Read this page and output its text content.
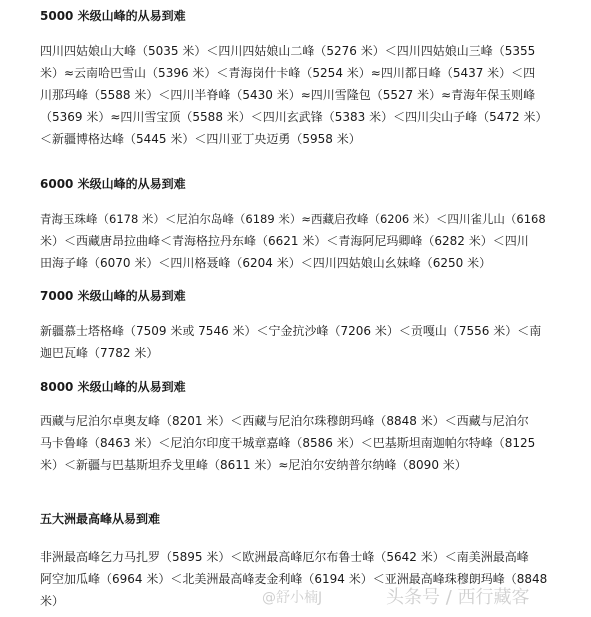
5000 米级山峰的从易到难
四川四姑娘山大峰（5035 米）＜四川四姑娘山二峰（5276 米）＜四川四姑娘山三峰（5355
米）≈云南哈巴雪山（5396 米）＜青海岗什卡峰（5254 米）≈四川都日峰（5437 米）＜四
川那玛峰（5588 米）＜四川半脊峰（5430 米）≈四川雪隆包（5527 米）≈青海年保玉则峰
（5369 米）≈四川雪宝顶（5588 米）＜四川玄武锋（5383 米）＜四川尖山子峰（5472 米）
＜新疆博格达峰（5445 米）＜四川亚丁央迈勇（5958 米）
6000 米级山峰的从易到难
青海玉珠峰（6178 米）＜尼泊尔岛峰（6189 米）≈西藏启孜峰（6206 米）＜四川雀儿山（6168
米）＜西藏唐昂拉曲峰＜青海格拉丹东峰（6621 米）＜青海阿尼玛卿峰（6282 米）＜四川
田海子峰（6070 米）＜四川格聂峰（6204 米）＜四川四姑娘山幺妹峰（6250 米）
7000 米级山峰的从易到难
新疆慕士塔格峰（7509 米或 7546 米）＜宁金抗沙峰（7206 米）＜贡嘎山（7556 米）＜南
迦巴瓦峰（7782 米）
8000 米级山峰的从易到难
西藏与尼泊尔卓奥友峰（8201 米）＜西藏与尼泊尔珠穆朗玛峰（8848 米）＜西藏与尼泊尔
马卡鲁峰（8463 米）＜尼泊尔印度干城章嘉峰（8586 米）＜巴基斯坦南迦帕尔特峰（8125
米）＜新疆与巴基斯坦乔戈里峰（8611 米）≈尼泊尔安纳普尔纳峰（8090 米）
五大洲最高峰从易到难
非洲最高峰乞力马扎罗（5895 米）＜欧洲最高峰厄尔布鲁士峰（5642 米）＜南美洲最高峰
阿空加瓜峰（6964 米）＜北美洲最高峰麦金利峰（6194 米）＜亚洲最高峰珠穆朗玛峰（8848
米）	@舒小楠J	头条号 / 西行藏客
